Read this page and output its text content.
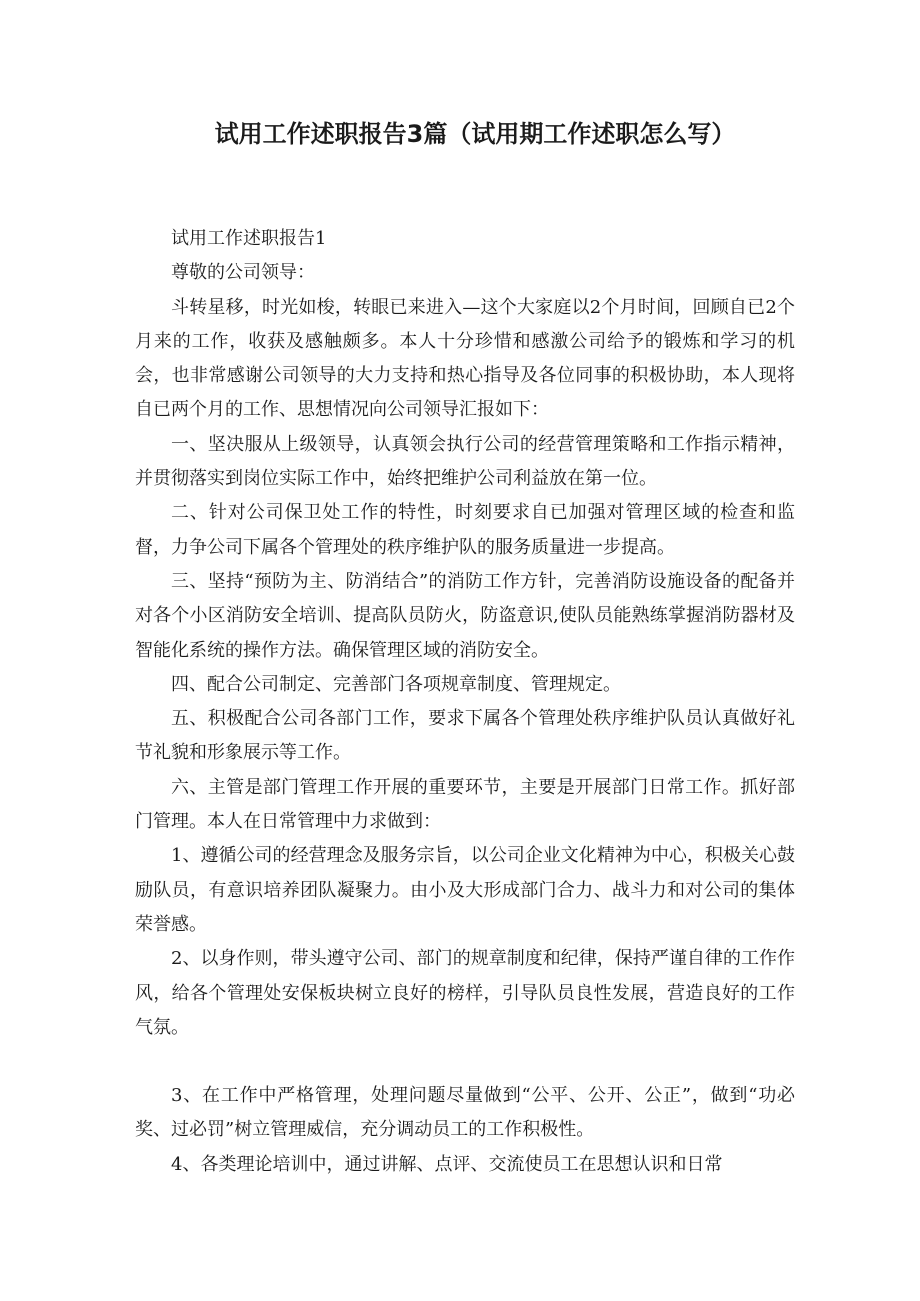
试用工作述职报告3篇（试用期工作述职怎么写）

试用工作述职报告1

尊敬的公司领导：

斗转星移，时光如梭，转眼已来进入—这个大家庭以2个月时间，回顾自已2个月来的工作，收获及感触颇多。本人十分珍惜和感激公司给予的锻炼和学习的机会，也非常感谢公司领导的大力支持和热心指导及各位同事的积极协助，本人现将自已两个月的工作、思想情况向公司领导汇报如下：

一、坚决服从上级领导，认真领会执行公司的经营管理策略和工作指示精神，并贯彻落实到岗位实际工作中，始终把维护公司利益放在第一位。

二、针对公司保卫处工作的特性，时刻要求自已加强对管理区域的检查和监督，力争公司下属各个管理处的秩序维护队的服务质量进一步提高。

三、坚持“预防为主、防消结合”的消防工作方针，完善消防设施设备的配备并对各个小区消防安全培训、提高队员防火，防盗意识,使队员能熟练掌握消防器材及智能化系统的操作方法。确保管理区域的消防安全。

四、配合公司制定、完善部门各项规章制度、管理规定。

五、积极配合公司各部门工作，要求下属各个管理处秩序维护队员认真做好礼节礼貌和形象展示等工作。

六、主管是部门管理工作开展的重要环节，主要是开展部门日常工作。抓好部门管理。本人在日常管理中力求做到：

1、遵循公司的经营理念及服务宗旨，以公司企业文化精神为中心，积极关心鼓励队员，有意识培养团队凝聚力。由小及大形成部门合力、战斗力和对公司的集体荣誉感。

2、以身作则，带头遵守公司、部门的规章制度和纪律，保持严谨自律的工作作风，给各个管理处安保板块树立良好的榜样，引导队员良性发展，营造良好的工作气氛。

3、在工作中严格管理，处理问题尽量做到“公平、公开、公正”，做到“功必奖、过必罚”树立管理威信，充分调动员工的工作积极性。

4、各类理论培训中，通过讲解、点评、交流使员工在思想认识和日常
